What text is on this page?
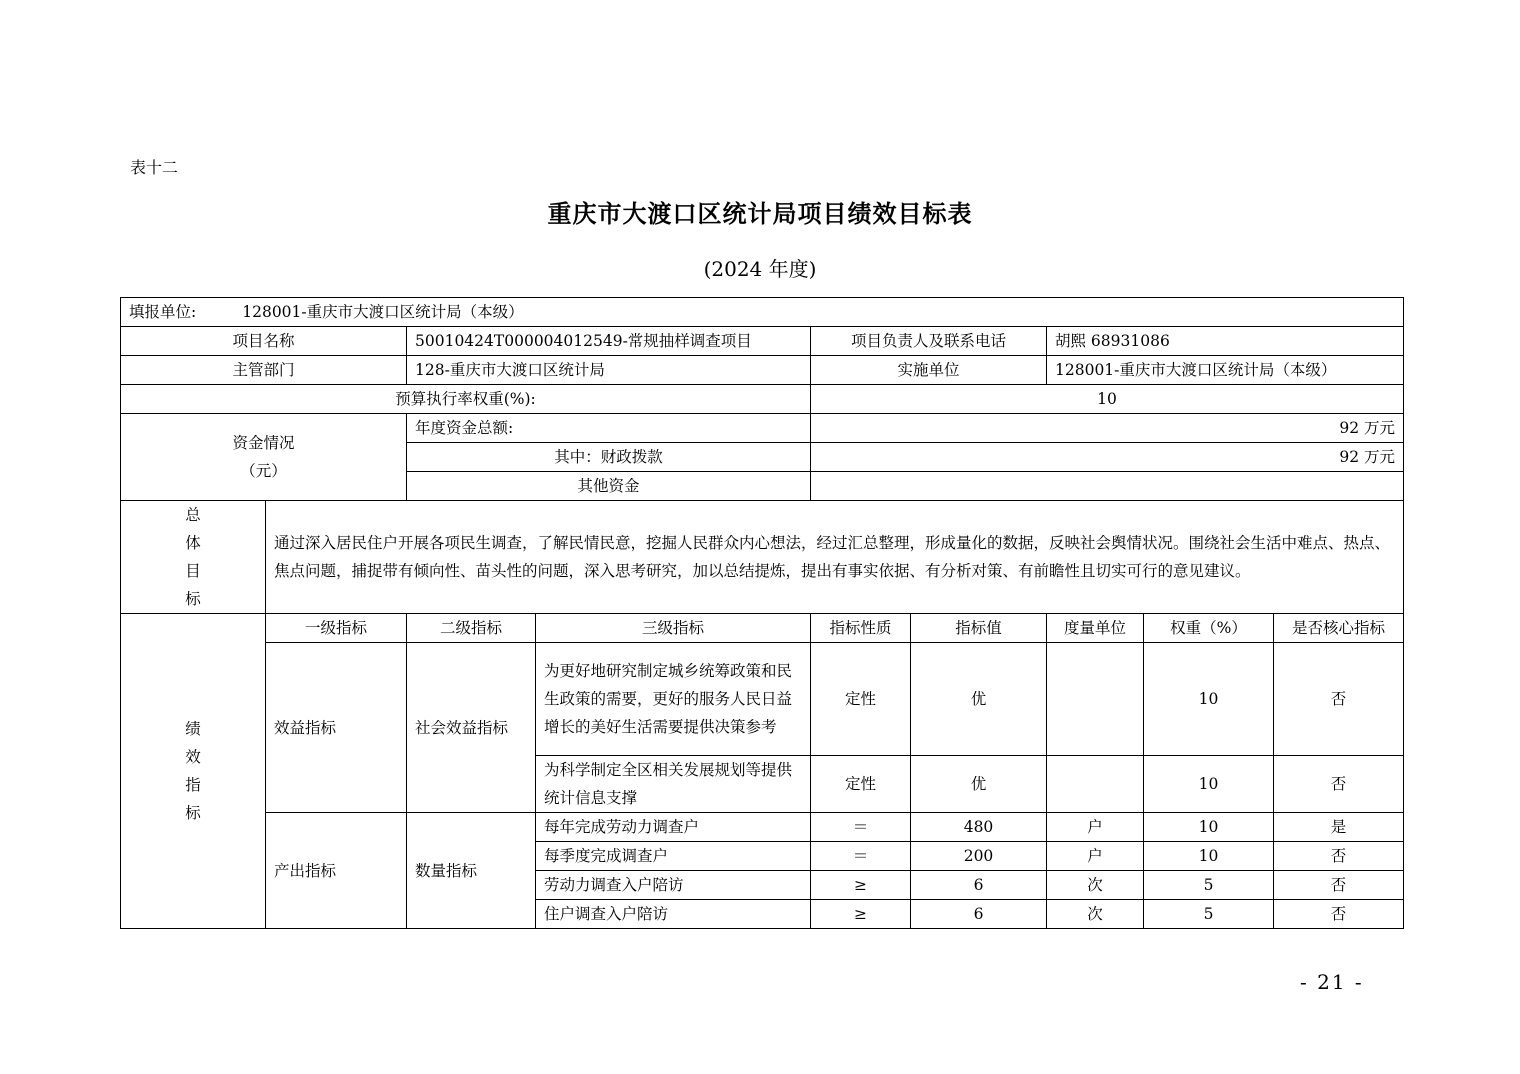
表十二
重庆市大渡口区统计局项目绩效目标表
(2024 年度)
填报单位: 128001-重庆市大渡口区统计局（本级）								
项目名称		50010424T000004012549-常规抽样调查项目		项目负责人及联系电话		胡熙 68931086		
主管部门		128-重庆市大渡口区统计局		实施单位		128001-重庆市大渡口区统计局（本级）		
预算执行率权重(%):				10				

资金情况
（元）		年度资金总额:		92 万元				
		其中：财政拨款		92 万元				
		其他资金						

总
体
目
标	通过深入居民住户开展各项民生调查，了解民情民意，挖掘人民群众内心想法，经过汇总整理，形成量化的数据，反映社会舆情状况。围绕社会生活中难点、热点、焦点问题，捕捉带有倾向性、苗头性的问题，深入思考研究，加以总结提炼，提出有事实依据、有分析对策、有前瞻性且切实可行的意见建议。							

绩
效
指
标	一级指标	二级指标	三级指标	指标性质	指标值	度量单位	权重（%）	是否核心指标
	效益指标	社会效益指标	为更好地研究制定城乡统筹政策和民生政策的需要，更好的服务人民日益增长的美好生活需要提供决策参考	定性	优		10	否

			为科学制定全区相关发展规划等提供统计信息支撑	定性	优		10	否
	产出指标	数量指标	每年完成劳动力调查户	＝	480	户	10	是
			每季度完成调查户	＝	200	户	10	否
			劳动力调查入户陪访	≥	6	次	5	否
			住户调查入户陪访	≥	6	次	5	否
- 21 -
